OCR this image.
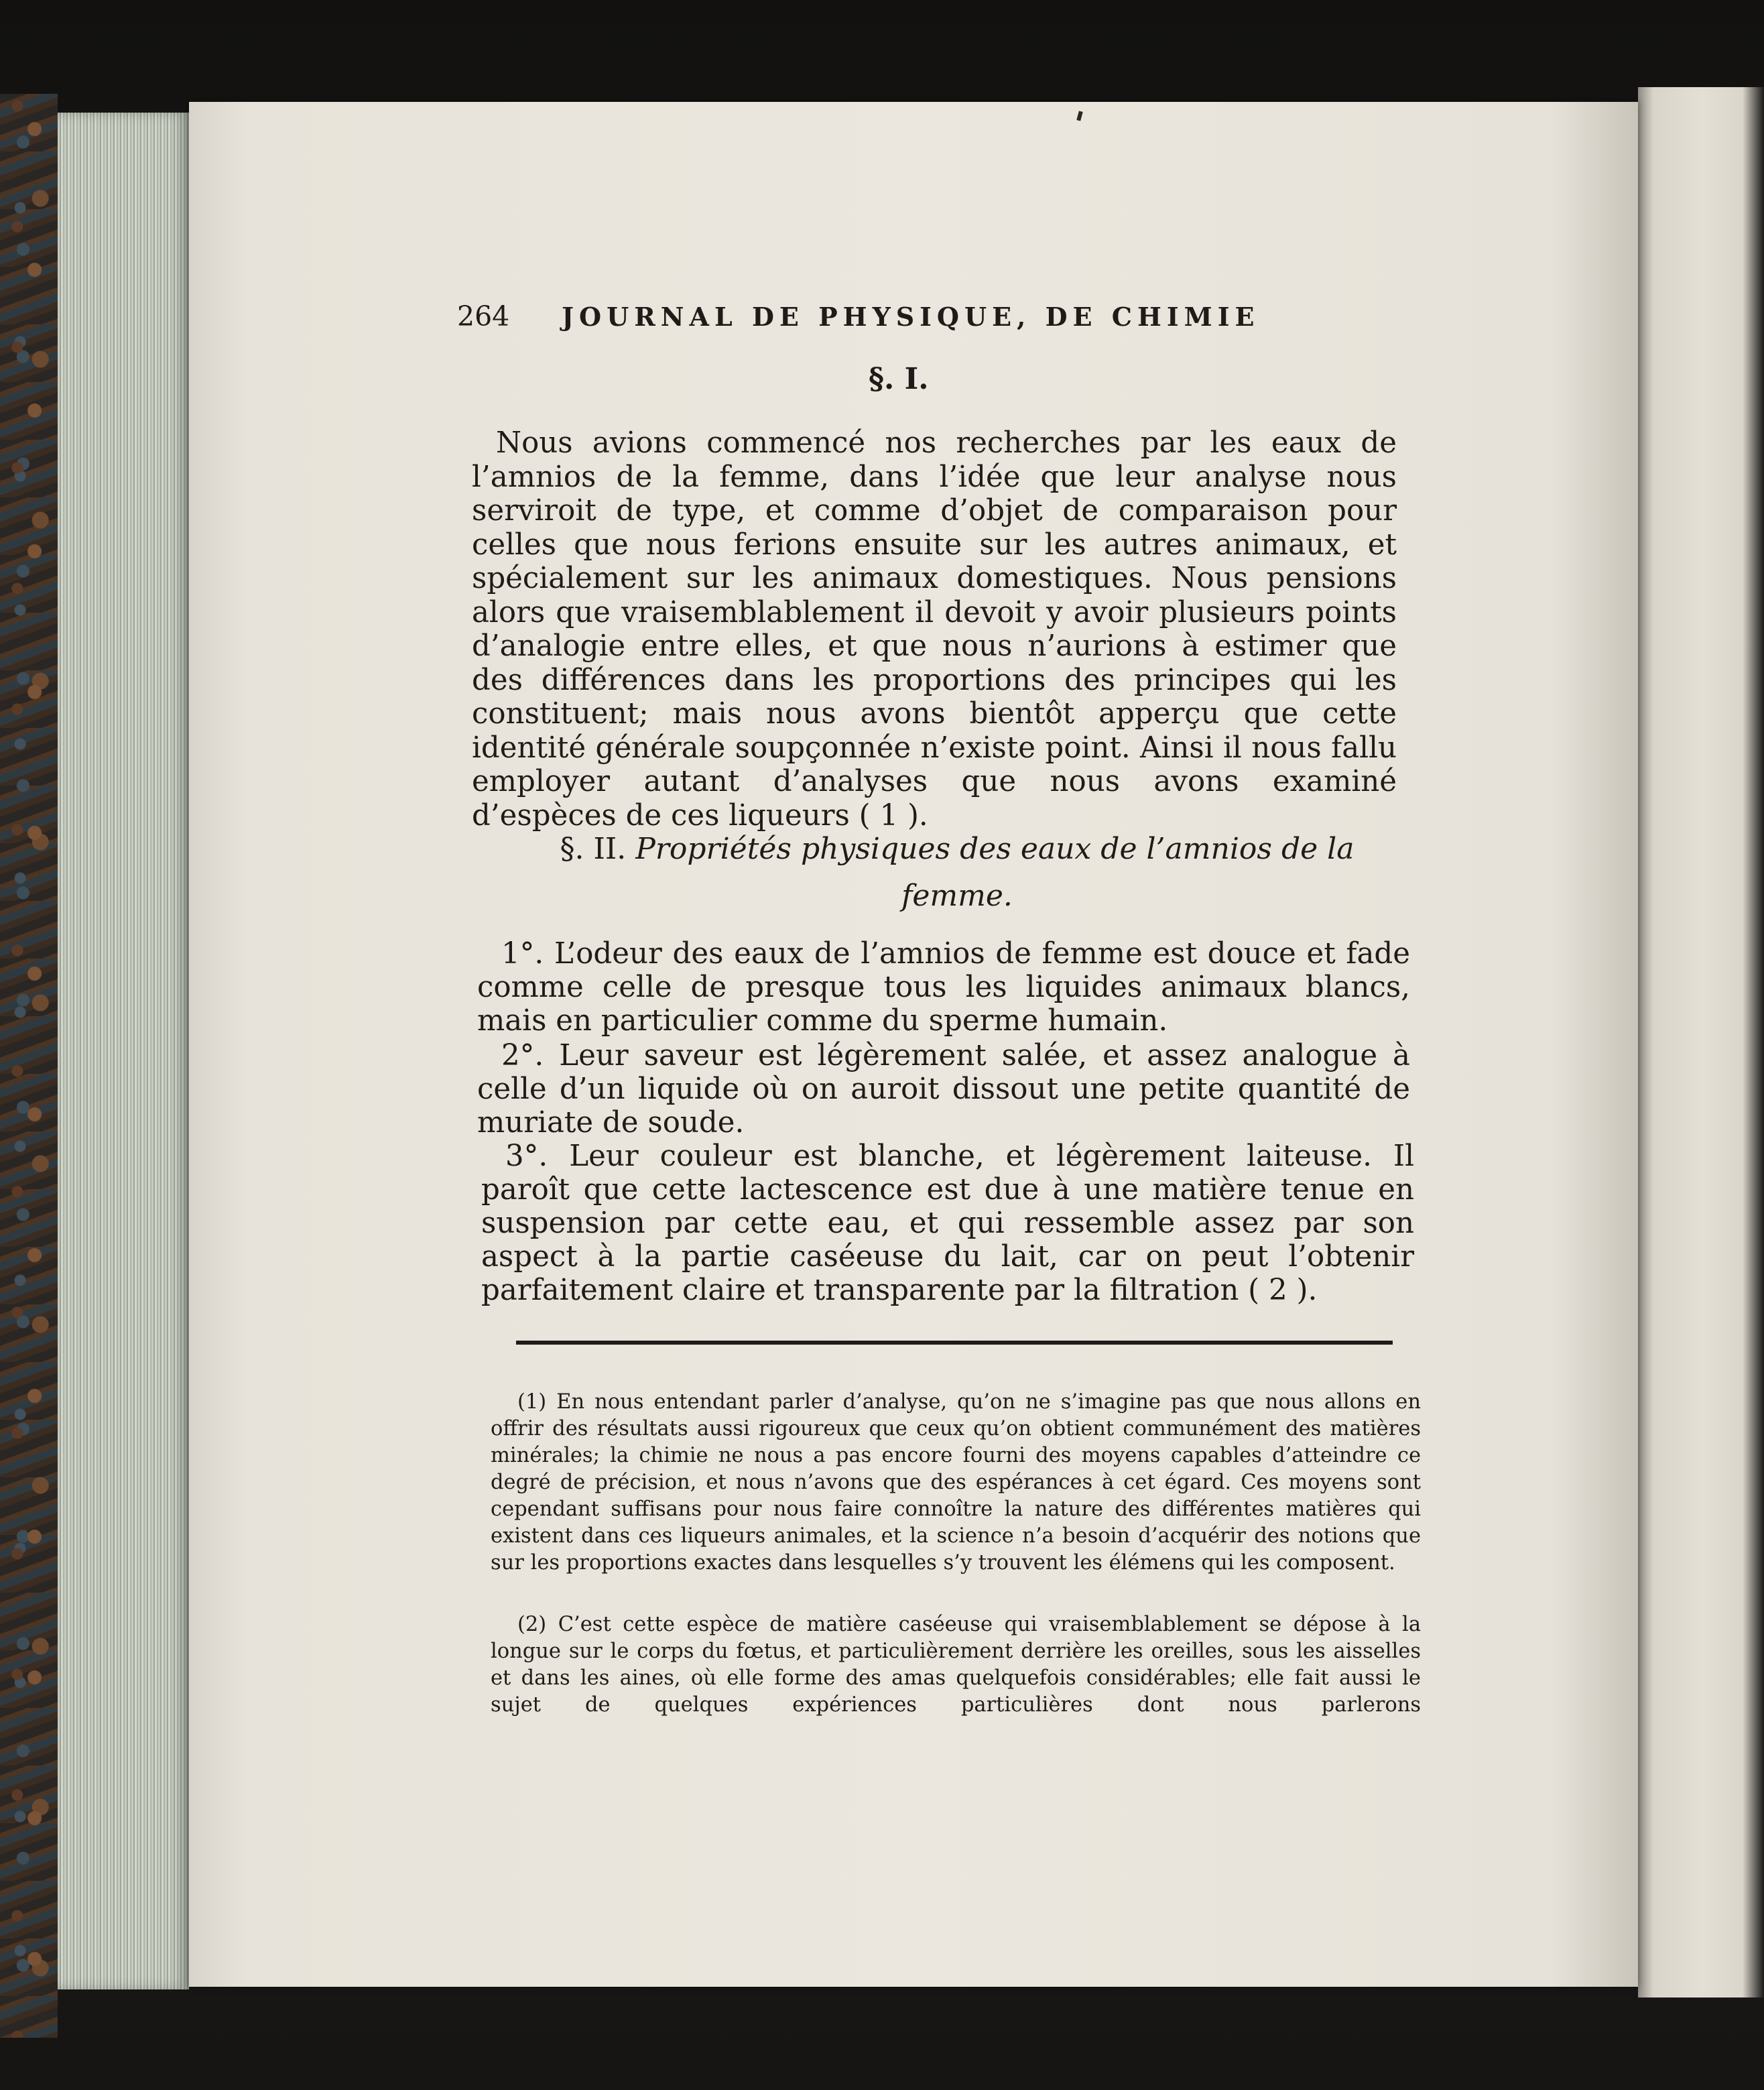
264	JOURNAL DE PHYSIQUE, DE CHIMIE
§. I.

Nous avions commencé nos recherches par les eaux de l’amnios de la femme, dans l’idée que leur analyse nous serviroit de type, et comme d’objet de comparaison pour celles que nous ferions ensuite sur les autres animaux, et spécialement sur les animaux domestiques. Nous pensions alors que vraisemblablement il devoit y avoir plusieurs points d’analogie entre elles, et que nous n’aurions à estimer que des différences dans les proportions des principes qui les constituent; mais nous avons bientôt apperçu que cette identité générale soupçonnée n’existe point. Ainsi il nous fallu employer autant d’analyses que nous avons examiné d’espèces de ces liqueurs ( 1 ).

§. II. Propriétés physiques des eaux de l’amnios de la femme.

1°. L’odeur des eaux de l’amnios de femme est douce et fade comme celle de presque tous les liquides animaux blancs, mais en particulier comme du sperme humain.

2°. Leur saveur est légèrement salée, et assez analogue à celle d’un liquide où on auroit dissout une petite quantité de muriate de soude.

3°. Leur couleur est blanche, et légèrement laiteuse. Il paroît que cette lactescence est due à une matière tenue en suspension par cette eau, et qui ressemble assez par son aspect à la partie caséeuse du lait, car on peut l’obtenir parfaitement claire et transparente par la filtration ( 2 ).

(1) En nous entendant parler d’analyse, qu’on ne s’imagine pas que nous allons en offrir des résultats aussi rigoureux que ceux qu’on obtient communément des matières minérales; la chimie ne nous a pas encore fourni des moyens capables d’atteindre ce degré de précision, et nous n’avons que des espérances à cet égard. Ces moyens sont cependant suffisans pour nous faire connoître la nature des différentes matières qui existent dans ces liqueurs animales, et la science n’a besoin d’acquérir des notions que sur les proportions exactes dans lesquelles s’y trouvent les élémens qui les composent.

(2) C’est cette espèce de matière caséeuse qui vraisemblablement se dépose à la longue sur le corps du fœtus, et particulièrement derrière les oreilles, sous les aisselles et dans les aines, où elle forme des amas quelquefois considérables; elle fait aussi le sujet de quelques expériences particulières dont nous parlerons
